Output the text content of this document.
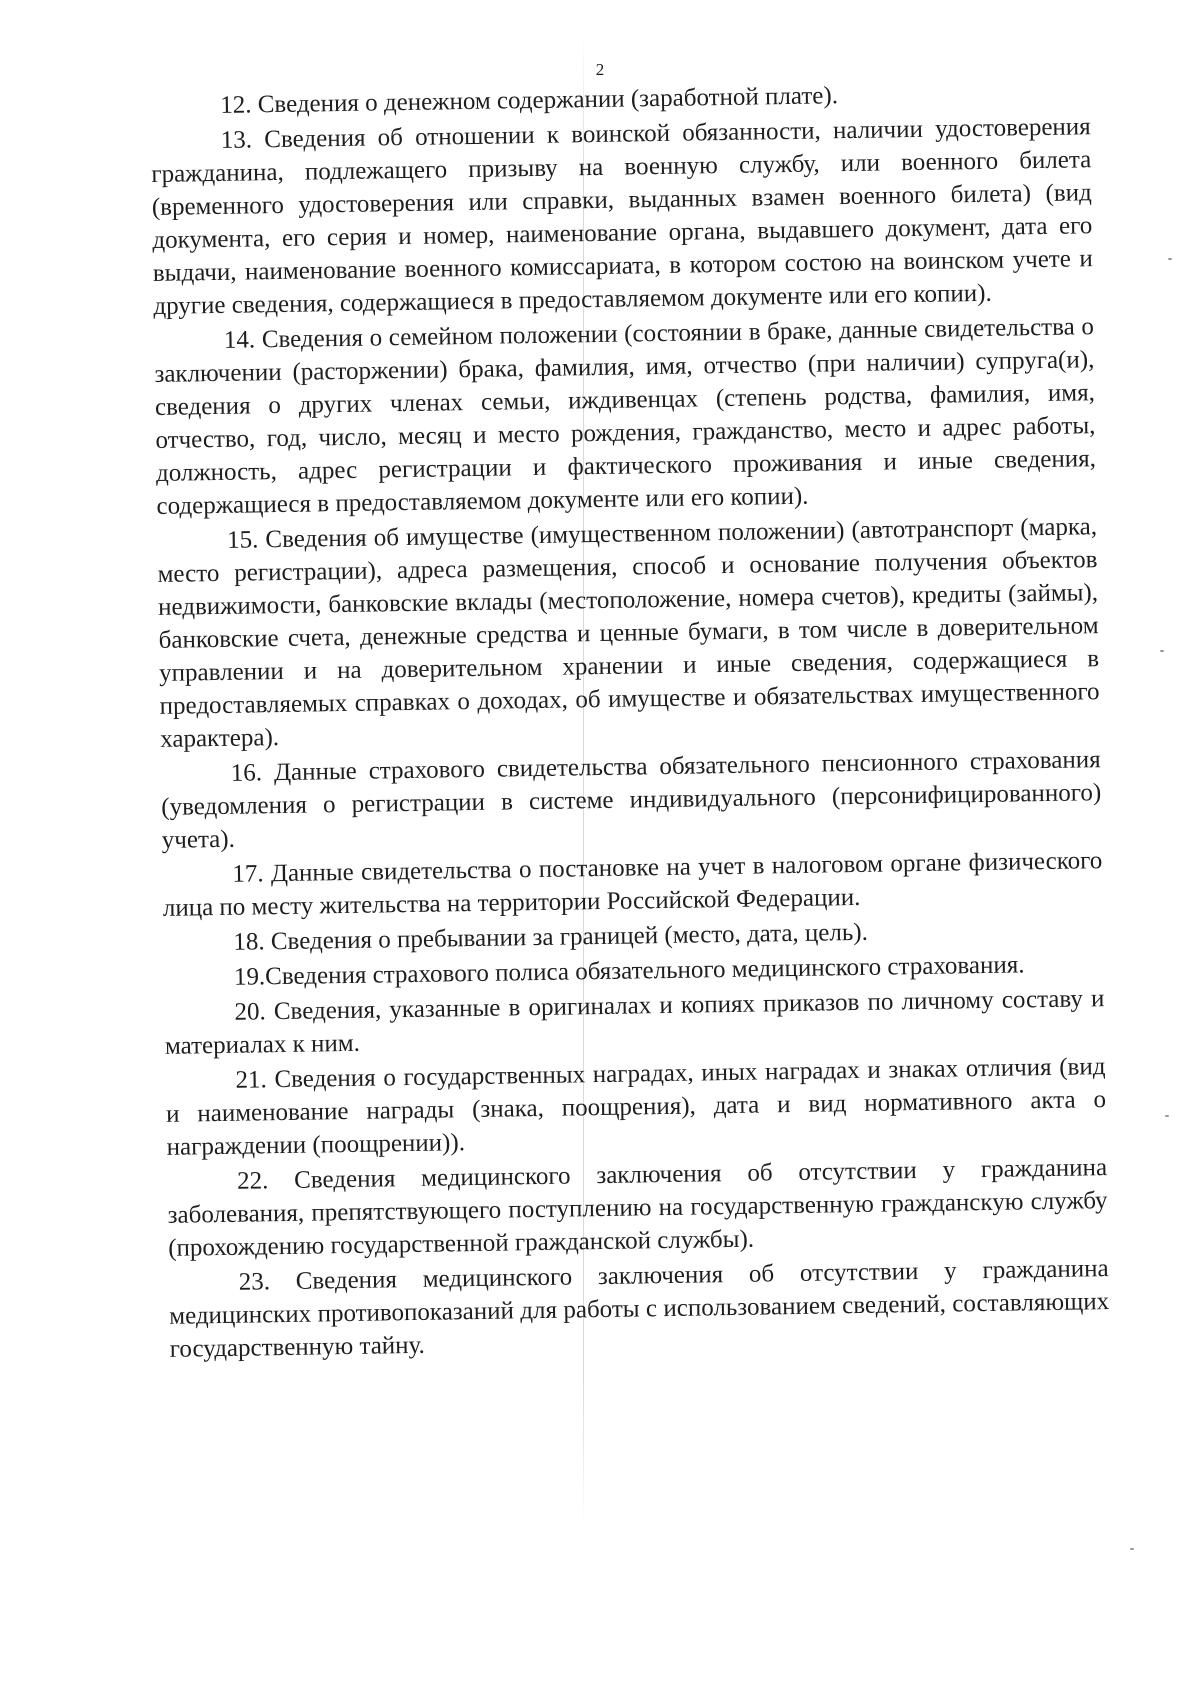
2

12. Сведения о денежном содержании (заработной плате).

13. Сведения об отношении к воинской обязанности, наличии удостоверения гражданина, подлежащего призыву на военную службу, или военного билета (временного удостоверения или справки, выданных взамен военного билета) (вид документа, его серия и номер, наименование органа, выдавшего документ, дата его выдачи, наименование военного комиссариата, в котором состою на воинском учете и другие сведения, содержащиеся в предоставляемом документе или его копии).

14. Сведения о семейном положении (состоянии в браке, данные свидетельства о заключении (расторжении) брака, фамилия, имя, отчество (при наличии) супруга(и), сведения о других членах семьи, иждивенцах (степень родства, фамилия, имя, отчество, год, число, месяц и место рождения, гражданство, место и адрес работы, должность, адрес регистрации и фактического проживания и иные сведения, содержащиеся в предоставляемом документе или его копии).

15. Сведения об имуществе (имущественном положении) (автотранспорт (марка, место регистрации), адреса размещения, способ и основание получения объектов недвижимости, банковские вклады (местоположение, номера счетов), кредиты (займы), банковские счета, денежные средства и ценные бумаги, в том числе в доверительном управлении и на доверительном хранении и иные сведения, содержащиеся в предоставляемых справках о доходах, об имуществе и обязательствах имущественного характера).

16. Данные страхового свидетельства обязательного пенсионного страхования (уведомления о регистрации в системе индивидуального (персонифицированного) учета).

17. Данные свидетельства о постановке на учет в налоговом органе физического лица по месту жительства на территории Российской Федерации.

18. Сведения о пребывании за границей (место, дата, цель).

19.Сведения страхового полиса обязательного медицинского страхования.

20. Сведения, указанные в оригиналах и копиях приказов по личному составу и материалах к ним.

21. Сведения о государственных наградах, иных наградах и знаках отличия (вид и наименование награды (знака, поощрения), дата и вид нормативного акта о награждении (поощрении)).

22. Сведения медицинского заключения об отсутствии у гражданина заболевания, препятствующего поступлению на государственную гражданскую службу (прохождению государственной гражданской службы).

23. Сведения медицинского заключения об отсутствии у гражданина медицинских противопоказаний для работы с использованием сведений, составляющих государственную тайну.
